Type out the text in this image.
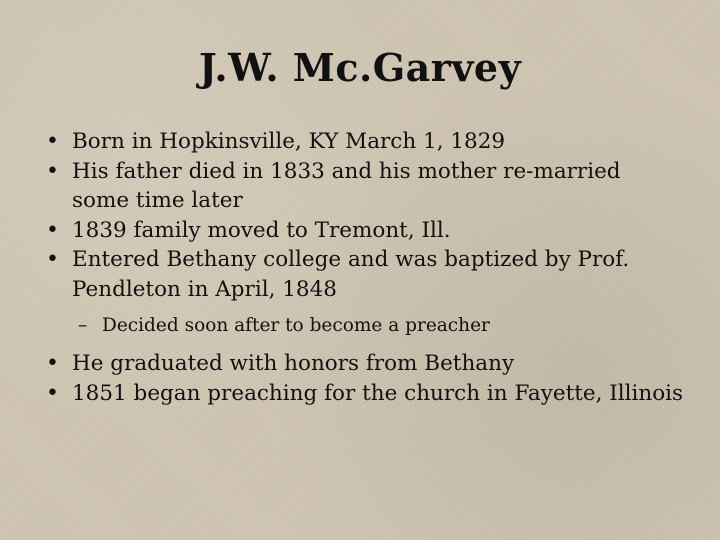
J.W. Mc.Garvey
• Born in Hopkinsville, KY March 1, 1829
• His father died in 1833 and his mother re-married some time later
• 1839 family moved to Tremont, Ill.
• Entered Bethany college and was baptized by Prof. Pendleton in April, 1848
– Decided soon after to become a preacher
• He graduated with honors from Bethany
• 1851 began preaching for the church in Fayette, Illinois
